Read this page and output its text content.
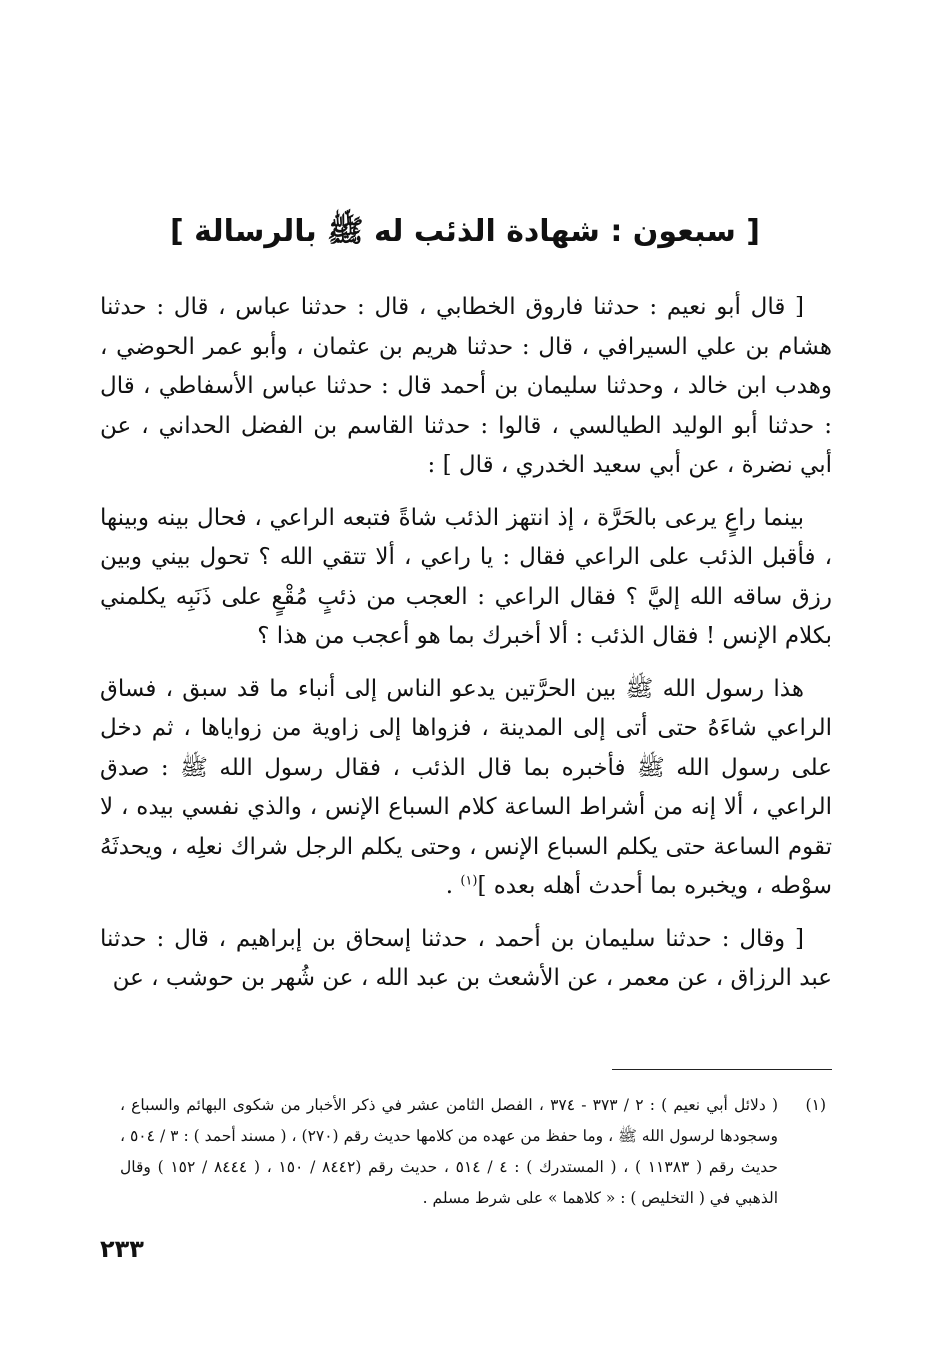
[ سبعون : شهادة الذئب له ﷺ بالرسالة ]

[ قال أبو نعيم : حدثنا فاروق الخطابي ، قال : حدثنا عباس ، قال : حدثنا هشام بن علي السيرافي ، قال : حدثنا هريم بن عثمان ، وأبو عمر الحوضي ، وهدب ابن خالد ، وحدثنا سليمان بن أحمد قال : حدثنا عباس الأسفاطي ، قال : حدثنا أبو الوليد الطيالسي ، قالوا : حدثنا القاسم بن الفضل الحداني ، عن أبي نضرة ، عن أبي سعيد الخدري ، قال ] :

بينما راعٍ يرعى بالحَرَّة ، إذ انتهز الذئب شاةً فتبعه الراعي ، فحال بينه وبينها ، فأقبل الذئب على الراعي فقال : يا راعي ، ألا تتقي الله ؟ تحول بيني وبين رزق ساقه الله إليَّ ؟ فقال الراعي : العجب من ذئبٍ مُقْعٍ على ذَنَبِه يكلمني بكلام الإنس ! فقال الذئب : ألا أخبرك بما هو أعجب من هذا ؟

هذا رسول الله ﷺ بين الحرَّتين يدعو الناس إلى أنباء ما قد سبق ، فساق الراعي شاءَهُ حتى أتى إلى المدينة ، فزواها إلى زاوية من زواياها ، ثم دخل على رسول الله ﷺ فأخبره بما قال الذئب ، فقال رسول الله ﷺ : صدق الراعي ، ألا إنه من أشراط الساعة كلام السباع الإنس ، والذي نفسي بيده ، لا تقوم الساعة حتى يكلم السباع الإنس ، وحتى يكلم الرجل شراك نعلِه ، ويحدثَهُ سوْطه ، ويخبره بما أحدث أهله بعده ]$^{(١)}$ .

[ وقال : حدثنا سليمان بن أحمد ، حدثنا إسحاق بن إبراهيم ، قال : حدثنا عبد الرزاق ، عن معمر ، عن الأشعث بن عبد الله ، عن شُهر بن حوشب ، عن

(١)
( دلائل أبي نعيم ) : ٢ / ٣٧٣ - ٣٧٤ ، الفصل الثامن عشر في ذكر الأخبار من شكوى البهائم والسباع ، وسجودها لرسول الله ﷺ ، وما حفظ من عهده من كلامها حديث رقم (٢٧٠) ، ( مسند أحمد ) : ٣ / ٥٠٤ ، حديث رقم ( ١١٣٨٣ ) ، ( المستدرك ) : ٤ / ٥١٤ ، حديث رقم (٨٤٤٢ / ١٥٠ ، ( ٨٤٤٤ / ١٥٢ ) وقال الذهبي في ( التخليص ) : « كلاهما » على شرط مسلم .
٢٣٣
